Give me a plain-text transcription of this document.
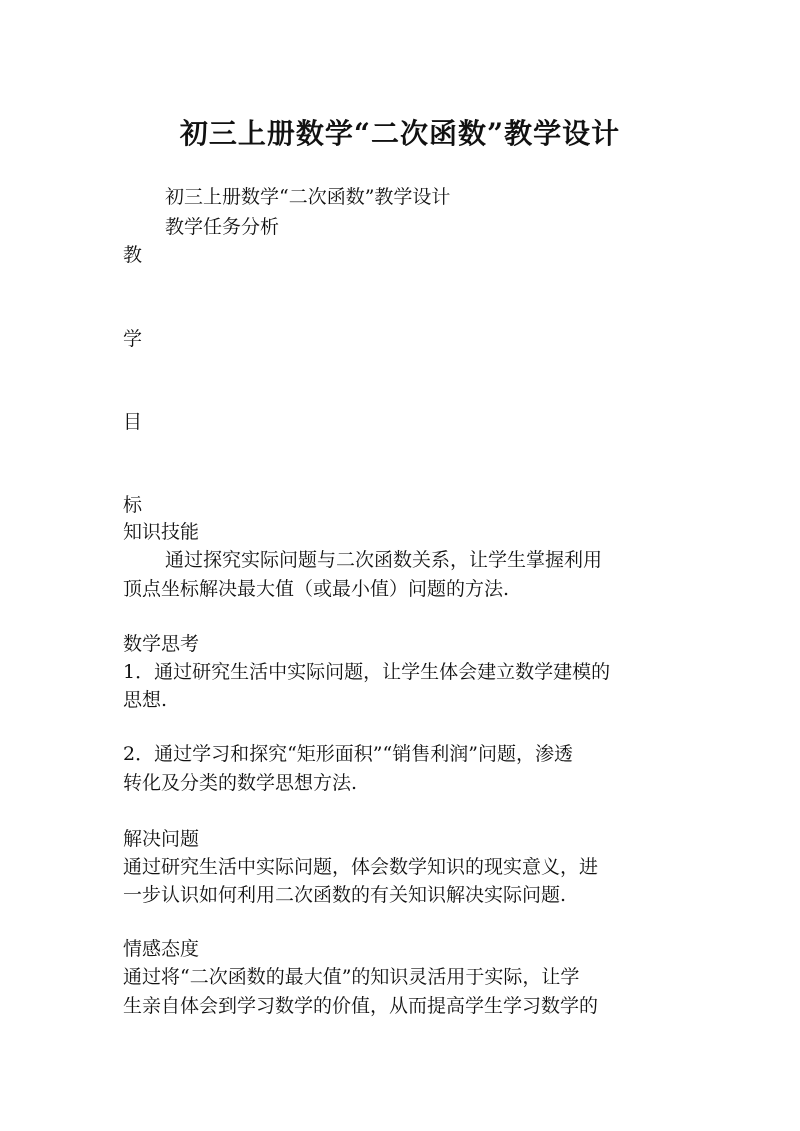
初三上册数学“二次函数”教学设计
初三上册数学“二次函数”教学设计
教学任务分析
教
学
目
标
知识技能
通过探究实际问题与二次函数关系，让学生掌握利用
顶点坐标解决最大值（或最小值）问题的方法.
数学思考
1．通过研究生活中实际问题，让学生体会建立数学建模的
思想.
2．通过学习和探究“矩形面积”“销售利润”问题，渗透
转化及分类的数学思想方法.
解决问题
通过研究生活中实际问题，体会数学知识的现实意义，进
一步认识如何利用二次函数的有关知识解决实际问题.
情感态度
通过将“二次函数的最大值”的知识灵活用于实际，让学
生亲自体会到学习数学的价值，从而提高学生学习数学的
